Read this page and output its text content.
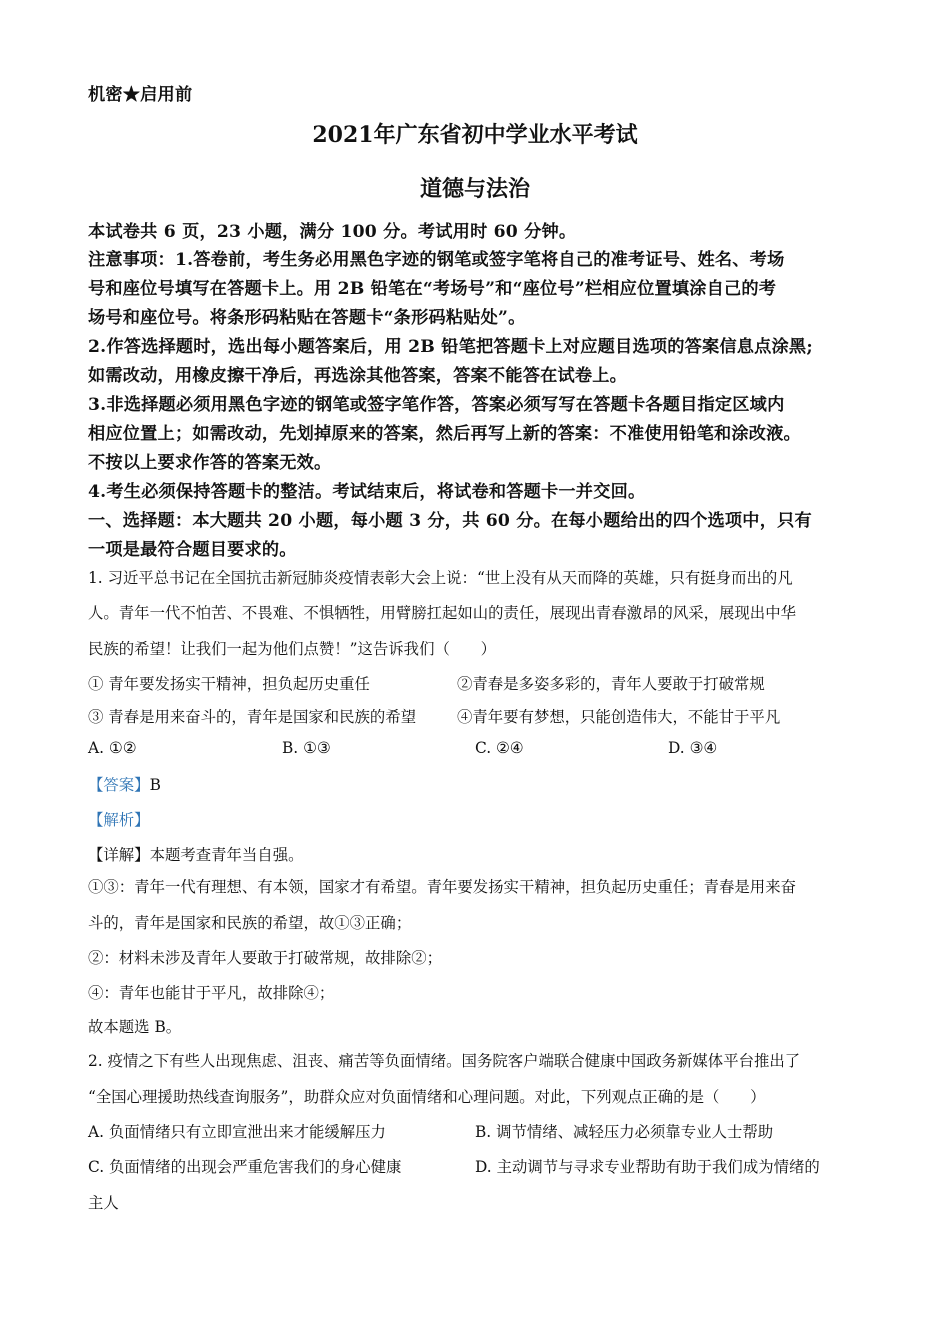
机密★启用前
2021年广东省初中学业水平考试
道德与法治
本试卷共 6 页，23 小题，满分 100 分。考试用时 60 分钟。
注意事项：1.答卷前，考生务必用黑色字迹的钢笔或签字笔将自己的准考证号、姓名、考场
号和座位号填写在答题卡上。用 2B 铅笔在“考场号”和“座位号”栏相应位置填涂自己的考
场号和座位号。将条形码粘贴在答题卡“条形码粘贴处”。
2.作答选择题时，选出每小题答案后，用 2B 铅笔把答题卡上对应题目选项的答案信息点涂黑;
如需改动，用橡皮擦干净后，再选涂其他答案，答案不能答在试卷上。
3.非选择题必须用黑色字迹的钢笔或签字笔作答，答案必须写写在答题卡各题目指定区域内
相应位置上；如需改动，先划掉原来的答案，然后再写上新的答案：不准使用铅笔和涂改液。
不按以上要求作答的答案无效。
4.考生必须保持答题卡的整洁。考试结束后，将试卷和答题卡一并交回。
一、选择题：本大题共 20 小题，每小题 3 分，共 60 分。在每小题给出的四个选项中，只有
一项是最符合题目要求的。
1. 习近平总书记在全国抗击新冠肺炎疫情表彰大会上说：“世上没有从天而降的英雄，只有挺身而出的凡
人。青年一代不怕苦、不畏难、不惧牺牲，用臂膀扛起如山的责任，展现出青春激昂的风采，展现出中华
民族的希望！让我们一起为他们点赞！”这告诉我们（　　）
① 青年要发扬实干精神，担负起历史重任	②青春是多姿多彩的，青年人要敢于打破常规
③ 青春是用来奋斗的，青年是国家和民族的希望	④青年要有梦想，只能创造伟大，不能甘于平凡
A. ①②	B. ①③	C. ②④	D. ③④
【答案】B
【解析】
【详解】本题考查青年当自强。
①③：青年一代有理想、有本领，国家才有希望。青年要发扬实干精神，担负起历史重任；青春是用来奋
斗的，青年是国家和民族的希望，故①③正确；
②：材料未涉及青年人要敢于打破常规，故排除②；
④：青年也能甘于平凡，故排除④；
故本题选 B。
2. 疫情之下有些人出现焦虑、沮丧、痛苦等负面情绪。国务院客户端联合健康中国政务新媒体平台推出了
“全国心理援助热线查询服务”，助群众应对负面情绪和心理问题。对此，下列观点正确的是（　　）
A. 负面情绪只有立即宣泄出来才能缓解压力	B. 调节情绪、减轻压力必须靠专业人士帮助
C. 负面情绪的出现会严重危害我们的身心健康	D. 主动调节与寻求专业帮助有助于我们成为情绪的
主人
